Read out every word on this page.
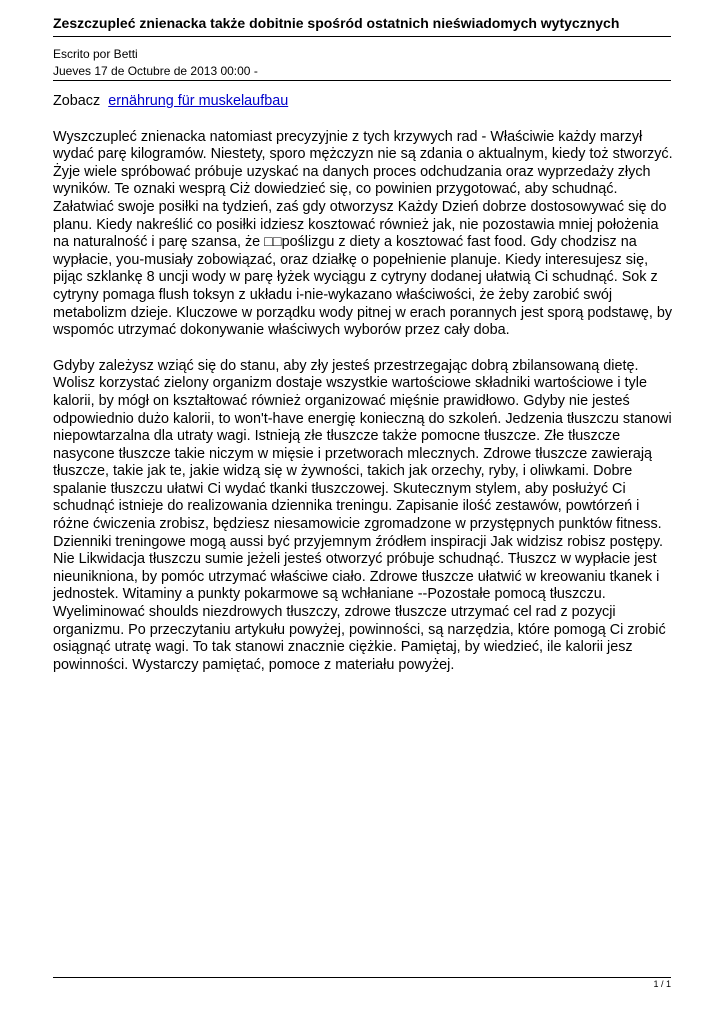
Zeszczupleć znienacka także dobitnie spośród ostatnich nieświadomych wytycznych
Escrito por Betti
Jueves 17 de Octubre de 2013 00:00 -
Zobacz ernährung für muskelaufbau

Wyszczupleć znienacka natomiast precyzyjnie z tych krzywych rad - Właściwie każdy marzył wydać parę kilogramów. Niestety, sporo mężczyzn nie są zdania o aktualnym, kiedy toż stworzyć. Żyje wiele spróbować próbuje uzyskać na danych proces odchudzania oraz wyprzedaży złych wyników. Te oznaki wesprą Ciż dowiedzieć się, co powinien przygotować, aby schudnąć. Załatwiać swoje posiłki na tydzień, zaś gdy otworzysz Każdy Dzień dobrze dostosowywać się do planu. Kiedy nakreślić co posiłki idziesz kosztować również jak, nie pozostawia mniej położenia na naturalność i parę szansa, że □□poślizgu z diety a kosztować fast food. Gdy chodzisz na wypłacie, you-musiały zobowiązać, oraz działkę o popełnienie planuje. Kiedy interesujesz się, pijąc szklankę 8 uncji wody w parę łyżek wyciągu z cytryny dodanej ułatwią Ci schudnąć. Sok z cytryny pomaga flush toksyn z układu i-nie-wykazano właściwości, że żeby zarobić swój metabolizm dzieje. Kluczowe w porządku wody pitnej w erach porannych jest sporą podstawę, by wspomóc utrzymać dokonywanie właściwych wyborów przez cały doba.

Gdyby zależysz wziąć się do stanu, aby zły jesteś przestrzegając dobrą zbilansowaną dietę. Wolisz korzystać zielony organizm dostaje wszystkie wartościowe składniki wartościowe i tyle kalorii, by mógł on kształtować również organizować mięśnie prawidłowo. Gdyby nie jesteś odpowiednio dużo kalorii, to won't-have energię konieczną do szkoleń. Jedzenia tłuszczu stanowi niepowtarzalna dla utraty wagi. Istnieją złe tłuszcze także pomocne tłuszcze. Złe tłuszcze nasycone tłuszcze takie niczym w mięsie i przetworach mlecznych. Zdrowe tłuszcze zawierają tłuszcze, takie jak te, jakie widzą się w żywności, takich jak orzechy, ryby, i oliwkami. Dobre spalanie tłuszczu ułatwi Ci wydać tkanki tłuszczowej. Skutecznym stylem, aby posłużyć Ci schudnąć istnieje do realizowania dziennika treningu. Zapisanie ilość zestawów, powtórzeń i różne ćwiczenia zrobisz, będziesz niesamowicie zgromadzone w przystępnych punktów fitness. Dzienniki treningowe mogą aussi być przyjemnym źródłem inspiracji Jak widzisz robisz postępy. Nie Likwidacja tłuszczu sumie jeżeli jesteś otworzyć próbuje schudnąć. Tłuszcz w wypłacie jest nieunikniona, by pomóc utrzymać właściwe ciało. Zdrowe tłuszcze ułatwić w kreowaniu tkanek i jednostek. Witaminy a punkty pokarmowe są wchłaniane --Pozostałe pomocą tłuszczu. Wyeliminować shoulds niezdrowych tłuszczy, zdrowe tłuszcze utrzymać cel rad z pozycji organizmu. Po przeczytaniu artykułu powyżej, powinności, są narzędzia, które pomogą Ci zrobić osiągnąć utratę wagi. To tak stanowi znacznie ciężkie. Pamiętaj, by wiedzieć, ile kalorii jesz powinności. Wystarczy pamiętać, pomoce z materiału powyżej.

1 / 1
